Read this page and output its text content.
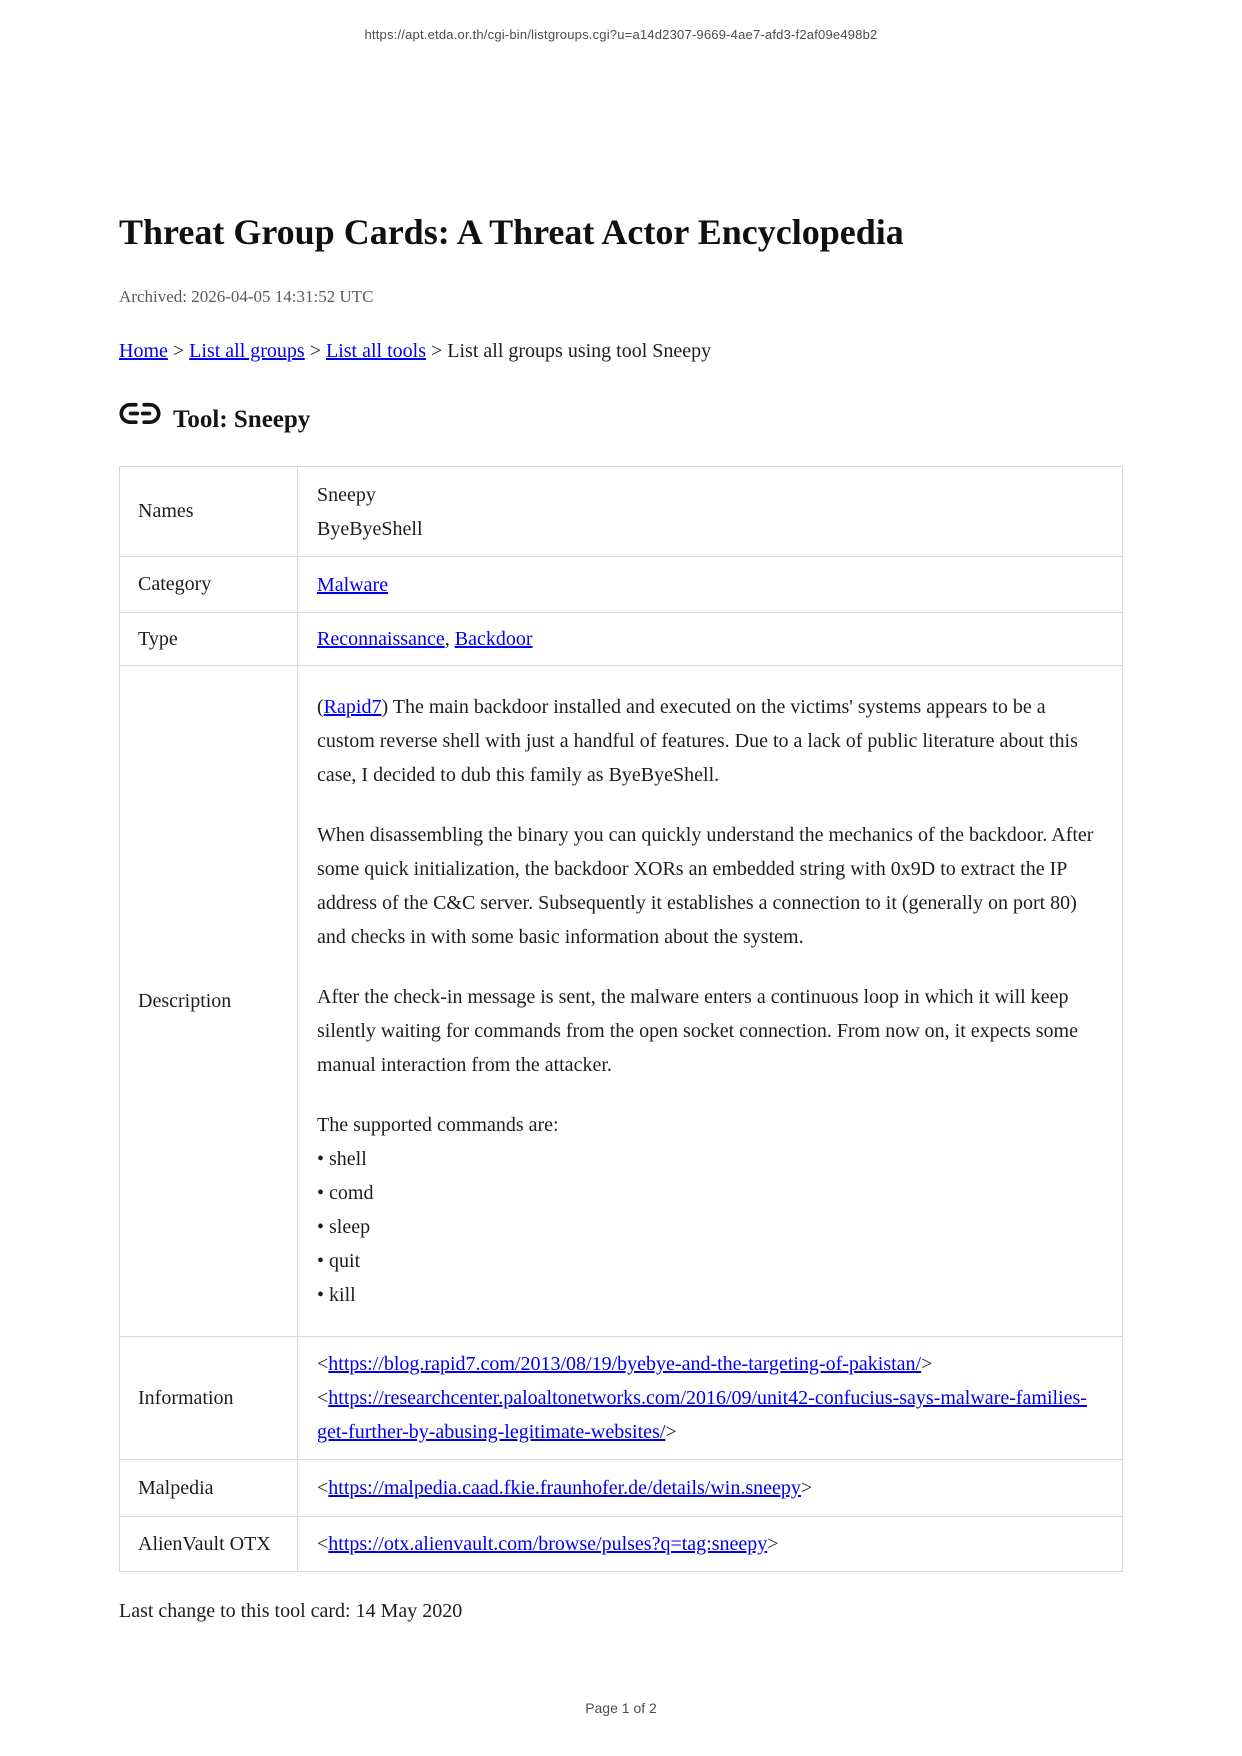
https://apt.etda.or.th/cgi-bin/listgroups.cgi?u=a14d2307-9669-4ae7-afd3-f2af09e498b2
Threat Group Cards: A Threat Actor Encyclopedia
Archived: 2026-04-05 14:31:52 UTC
Home > List all groups > List all tools > List all groups using tool Sneepy
Tool: Sneepy
Names	Sneepy
ByeByeShell

Category	Malware
Type	Reconnaissance, Backdoor
Description	

(Rapid7) The main backdoor installed and executed on the victims' systems appears to be a custom reverse shell with just a handful of features. Due to a lack of public literature about this case, I decided to dub this family as ByeByeShell.

When disassembling the binary you can quickly understand the mechanics of the backdoor. After some quick initialization, the backdoor XORs an embedded string with 0x9D to extract the IP address of the C&C server. Subsequently it establishes a connection to it (generally on port 80) and checks in with some basic information about the system.

After the check-in message is sent, the malware enters a continuous loop in which it will keep silently waiting for commands from the open socket connection. From now on, it expects some manual interaction from the attacker.

The supported commands are:
• shell
• comd
• sleep
• quit
• kill

Information	<https://blog.rapid7.com/2013/08/19/byebye-and-the-targeting-of-pakistan/>
<https://researchcenter.paloaltonetworks.com/2016/09/unit42-confucius-says-malware-families-get-further-by-abusing-legitimate-websites/>

Malpedia	<https://malpedia.caad.fkie.fraunhofer.de/details/win.sneepy>
AlienVault OTX	<https://otx.alienvault.com/browse/pulses?q=tag:sneepy>
Last change to this tool card: 14 May 2020
Page 1 of 2
